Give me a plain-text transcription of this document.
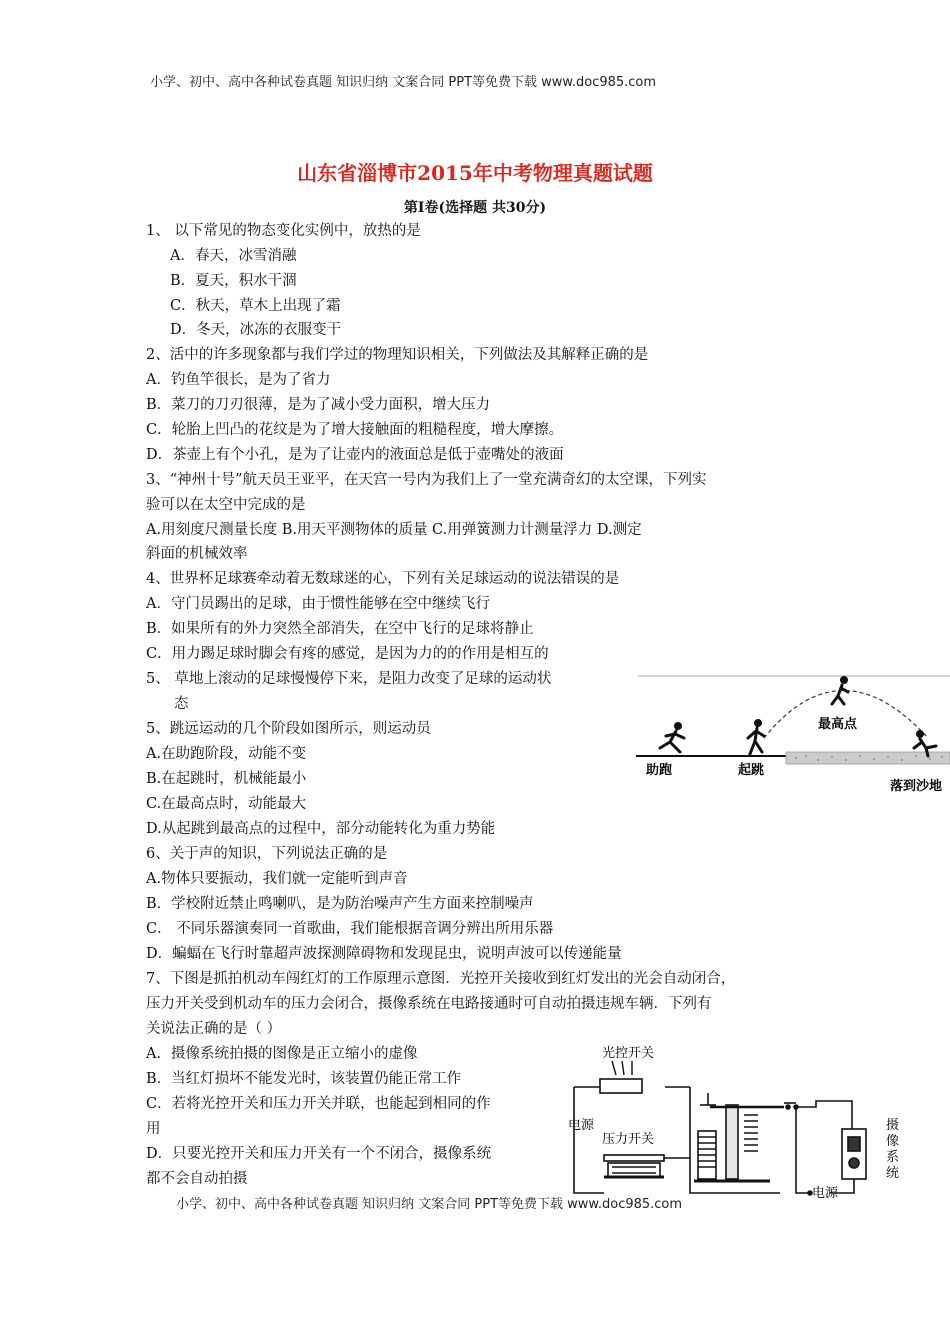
小学、初中、高中各种试卷真题 知识归纳 文案合同 PPT等免费下载 www.doc985.com
山东省淄博市2015年中考物理真题试题
第Ⅰ卷(选择题 共30分)
1、 以下常见的物态变化实例中，放热的是
A．春天，冰雪消融
B．夏天，积水干涸
C．秋天，草木上出现了霜
D．冬天，冰冻的衣服变干
2、活中的许多现象都与我们学过的物理知识相关，下列做法及其解释正确的是
A．钓鱼竿很长，是为了省力
B．菜刀的刀刃很薄，是为了减小受力面积，增大压力
C．轮胎上凹凸的花纹是为了增大接触面的粗糙程度，增大摩擦。
D．茶壶上有个小孔，是为了让壶内的液面总是低于壶嘴处的液面
3、“神州十号”航天员王亚平，在天宫一号内为我们上了一堂充满奇幻的太空课，下列实
验可以在太空中完成的是
A.用刻度尺测量长度 B.用天平测物体的质量 C.用弹簧测力计测量浮力 D.测定
斜面的机械效率
4、世界杯足球赛牵动着无数球迷的心，下列有关足球运动的说法错误的是
A．守门员踢出的足球，由于惯性能够在空中继续飞行
B．如果所有的外力突然全部消失，在空中飞行的足球将静止
C．用力踢足球时脚会有疼的感觉，是因为力的的作用是相互的
5、 草地上滚动的足球慢慢停下来，是阻力改变了足球的运动状
态
5、跳远运动的几个阶段如图所示，则运动员
A.在助跑阶段，动能不变
B.在起跳时，机械能最小
C.在最高点时，动能最大
D.从起跳到最高点的过程中，部分动能转化为重力势能
6、关于声的知识，下列说法正确的是
A.物体只要振动，我们就一定能听到声音
B．学校附近禁止鸣喇叭，是为防治噪声产生方面来控制噪声
C． 不同乐器演奏同一首歌曲，我们能根据音调分辨出所用乐器
D．蝙蝠在飞行时靠超声波探测障碍物和发现昆虫，说明声波可以传递能量
7、下图是抓拍机动车闯红灯的工作原理示意图．光控开关接收到红灯发出的光会自动闭合，
压力开关受到机动车的压力会闭合，摄像系统在电路接通时可自动拍摄违规车辆．下列有
关说法正确的是（ ）
A．摄像系统拍摄的图像是正立缩小的虚像
B．当红灯损坏不能发光时，该装置仍能正常工作
C．若将光控开关和压力开关并联，也能起到相同的作
用
D．只要光控开关和压力开关有一个不闭合，摄像系统
都不会自动拍摄
助跑	起跳
最高点
落到沙地
光控开关
电源
压力开关
电源
摄
像
系
统
小学、初中、高中各种试卷真题 知识归纳 文案合同 PPT等免费下载 www.doc985.com
